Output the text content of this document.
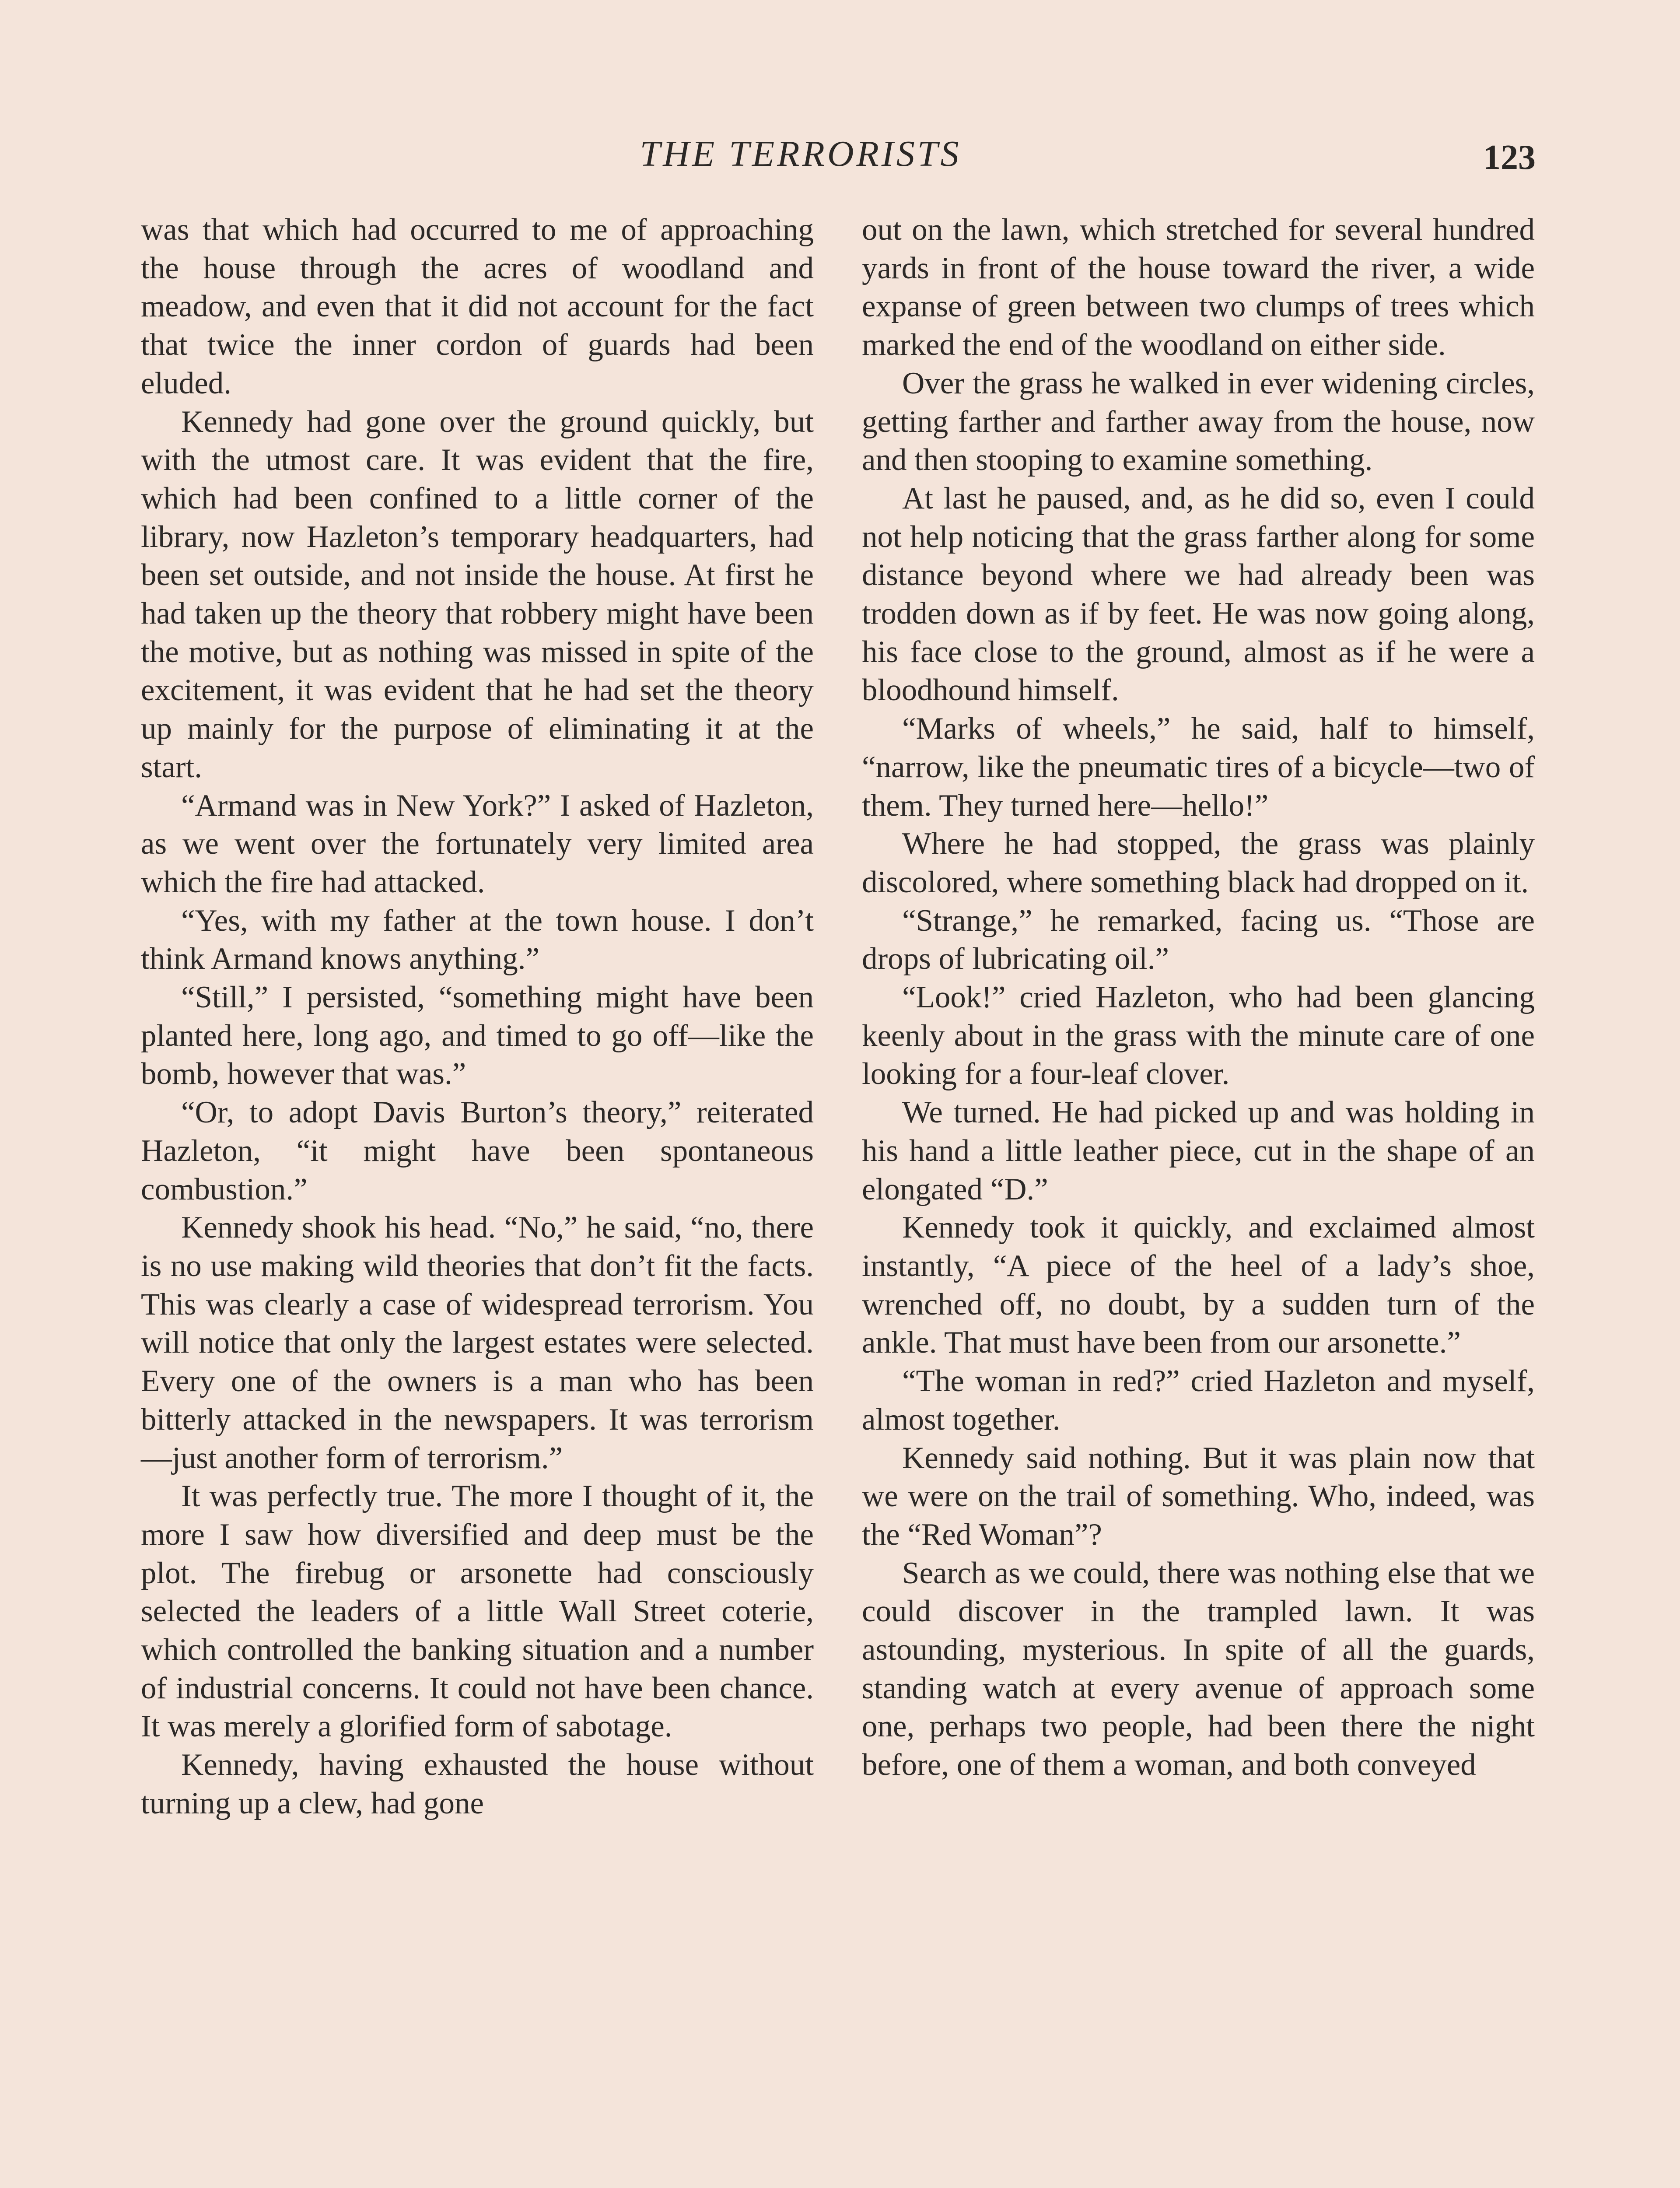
THE TERRORISTS	123

was that which had occurred to me of approaching the house through the acres of woodland and meadow, and even that it did not account for the fact that twice the inner cordon of guards had been eluded.

Kennedy had gone over the ground quickly, but with the utmost care. It was evident that the fire, which had been confined to a little corner of the library, now Hazleton’s temporary headquarters, had been set outside, and not inside the house. At first he had taken up the theory that robbery might have been the motive, but as nothing was missed in spite of the excitement, it was evident that he had set the theory up mainly for the purpose of eliminating it at the start.

“Armand was in New York?” I asked of Hazleton, as we went over the fortunately very limited area which the fire had attacked.

“Yes, with my father at the town house. I don’t think Armand knows anything.”

“Still,” I persisted, “something might have been planted here, long ago, and timed to go off—like the bomb, however that was.”

“Or, to adopt Davis Burton’s theory,” reiterated Hazleton, “it might have been spontaneous combustion.”

Kennedy shook his head. “No,” he said, “no, there is no use making wild theories that don’t fit the facts. This was clearly a case of widespread terrorism. You will notice that only the largest estates were selected. Every one of the owners is a man who has been bitterly attacked in the newspapers. It was terrorism—just another form of terrorism.”

It was perfectly true. The more I thought of it, the more I saw how diversified and deep must be the plot. The firebug or arsonette had consciously selected the leaders of a little Wall Street coterie, which controlled the banking situation and a number of industrial concerns. It could not have been chance. It was merely a glorified form of sabotage.

Kennedy, having exhausted the house without turning up a clew, had gone

out on the lawn, which stretched for several hundred yards in front of the house toward the river, a wide expanse of green between two clumps of trees which marked the end of the woodland on either side.

Over the grass he walked in ever widening circles, getting farther and farther away from the house, now and then stooping to examine something.

At last he paused, and, as he did so, even I could not help noticing that the grass farther along for some distance beyond where we had already been was trodden down as if by feet. He was now going along, his face close to the ground, almost as if he were a bloodhound himself.

“Marks of wheels,” he said, half to himself, “narrow, like the pneumatic tires of a bicycle—two of them. They turned here—hello!”

Where he had stopped, the grass was plainly discolored, where something black had dropped on it.

“Strange,” he remarked, facing us. “Those are drops of lubricating oil.”

“Look!” cried Hazleton, who had been glancing keenly about in the grass with the minute care of one looking for a four-leaf clover.

We turned. He had picked up and was holding in his hand a little leather piece, cut in the shape of an elongated “D.”

Kennedy took it quickly, and exclaimed almost instantly, “A piece of the heel of a lady’s shoe, wrenched off, no doubt, by a sudden turn of the ankle. That must have been from our arsonette.”

“The woman in red?” cried Hazleton and myself, almost together.

Kennedy said nothing. But it was plain now that we were on the trail of something. Who, indeed, was the “Red Woman”?

Search as we could, there was nothing else that we could discover in the trampled lawn. It was astounding, mysterious. In spite of all the guards, standing watch at every avenue of approach some one, perhaps two people, had been there the night before, one of them a woman, and both conveyed
